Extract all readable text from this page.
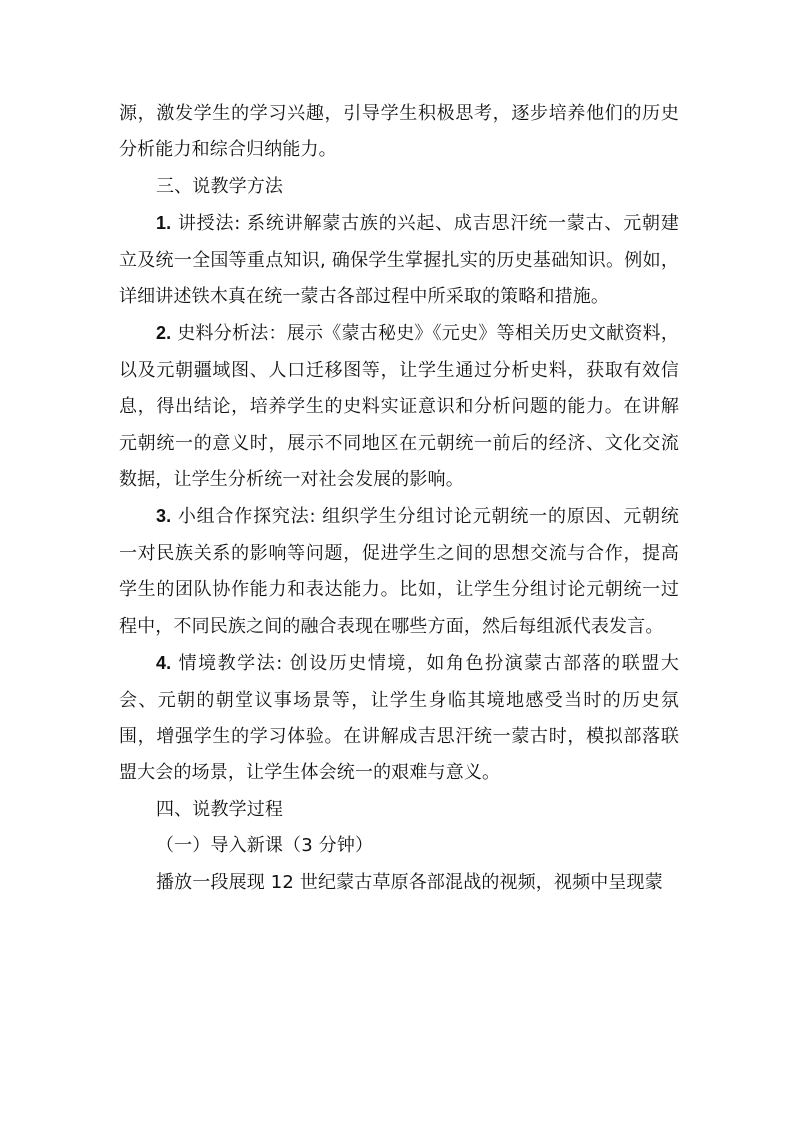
源，激发学生的学习兴趣，引导学生积极思考，逐步培养他们的历史分析能力和综合归纳能力。

三、说教学方法

1. 讲授法: 系统讲解蒙古族的兴起、成吉思汗统一蒙古、元朝建立及统一全国等重点知识, 确保学生掌握扎实的历史基础知识。例如，详细讲述铁木真在统一蒙古各部过程中所采取的策略和措施。

2. 史料分析法：展示《蒙古秘史》《元史》等相关历史文献资料，以及元朝疆域图、人口迁移图等，让学生通过分析史料，获取有效信息，得出结论，培养学生的史料实证意识和分析问题的能力。在讲解元朝统一的意义时，展示不同地区在元朝统一前后的经济、文化交流数据，让学生分析统一对社会发展的影响。

3. 小组合作探究法: 组织学生分组讨论元朝统一的原因、元朝统一对民族关系的影响等问题，促进学生之间的思想交流与合作，提高学生的团队协作能力和表达能力。比如，让学生分组讨论元朝统一过程中，不同民族之间的融合表现在哪些方面，然后每组派代表发言。

4. 情境教学法: 创设历史情境，如角色扮演蒙古部落的联盟大会、元朝的朝堂议事场景等，让学生身临其境地感受当时的历史氛围，增强学生的学习体验。在讲解成吉思汗统一蒙古时，模拟部落联盟大会的场景，让学生体会统一的艰难与意义。

四、说教学过程

（一）导入新课（3 分钟）

播放一段展现 12 世纪蒙古草原各部混战的视频，视频中呈现蒙
